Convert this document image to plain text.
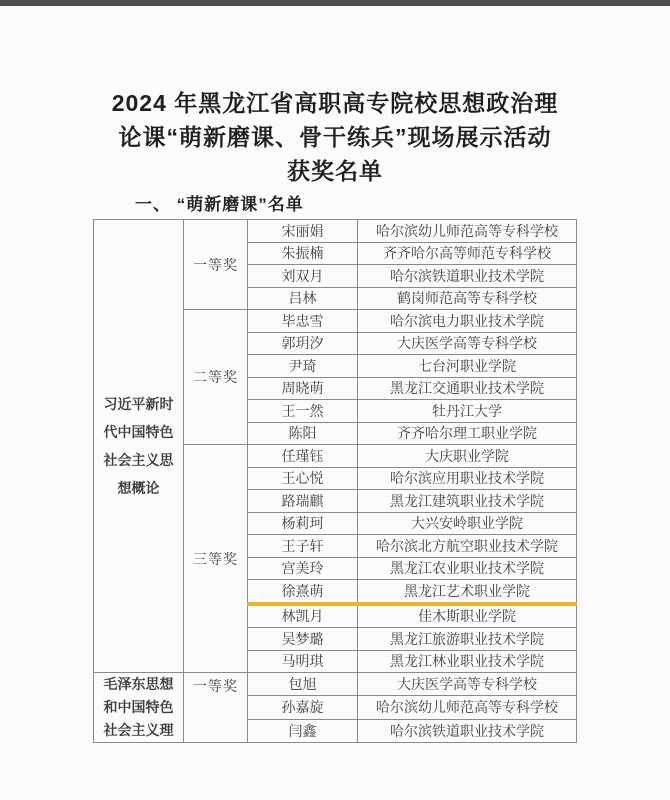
2024 年黑龙江省高职高专院校思想政治理
论课“萌新磨课、骨干练兵”现场展示活动
获奖名单
一、 “萌新磨课”名单
习近平新时
代中国特色
社会主义思
想概论	一等奖	宋丽娟	哈尔滨幼儿师范高等专科学校
		朱振楠	齐齐哈尔高等师范专科学校
		刘双月	哈尔滨铁道职业技术学院
		吕林	鹤岗师范高等专科学校
	二等奖	毕忠雪	哈尔滨电力职业技术学院
		郭玥汐	大庆医学高等专科学校
		尹琦	七台河职业学院
		周晓萌	黑龙江交通职业技术学院
		王一然	牡丹江大学
		陈阳	齐齐哈尔理工职业学院
	三等奖	任瑾钰	大庆职业学院
		王心悦	哈尔滨应用职业技术学院
		路瑞麒	黑龙江建筑职业技术学院
		杨莉珂	大兴安岭职业学院
		王子轩	哈尔滨北方航空职业技术学院
		宫美玲	黑龙江农业职业技术学院
		徐熹萌	黑龙江艺术职业学院
		林凯月	佳木斯职业学院
		吴梦璐	黑龙江旅游职业技术学院
		马明琪	黑龙江林业职业技术学院

毛泽东思想
和中国特色
社会主义理	一等奖	包旭	大庆医学高等专科学校
		孙嘉旋	哈尔滨幼儿师范高等专科学校
		闫鑫	哈尔滨铁道职业技术学院
